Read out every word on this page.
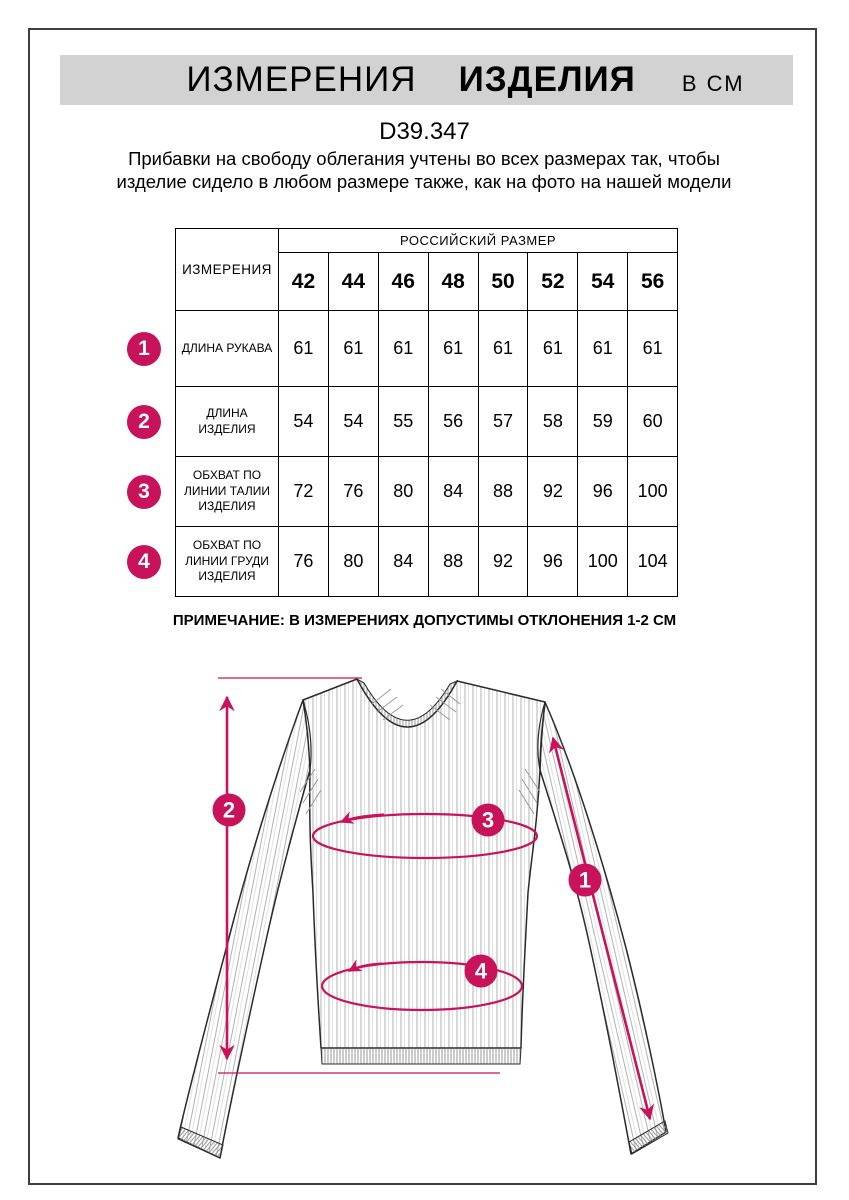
ИЗМЕРЕНИЯ ИЗДЕЛИЯ В СМ
D39.347
Прибавки на свободу облегания учтены во всех размерах так, чтобы изделие сидело в любом размере также, как на фото на нашей модели
ИЗМЕРЕНИЯ	РОССИЙСКИЙ РАЗМЕР							
	42	44	46	48	50	52	54	56

1 ДЛИНА РУКАВА	61	61	61	61	61	61	61	61

2 ДЛИНА ИЗДЕЛИЯ	54	54	55	56	57	58	59	60

3
ОБХВАТ ПО ЛИНИИ ТАЛИИ ИЗДЕЛИЯ	72	76	80	84	88	92	96	100

4
ОБХВАТ ПО ЛИНИИ ГРУДИ ИЗДЕЛИЯ	76	80	84	88	92	96	100	104
ПРИМЕЧАНИЕ: В ИЗМЕРЕНИЯХ ДОПУСТИМЫ ОТКЛОНЕНИЯ 1-2 СМ
1
2	3
4
